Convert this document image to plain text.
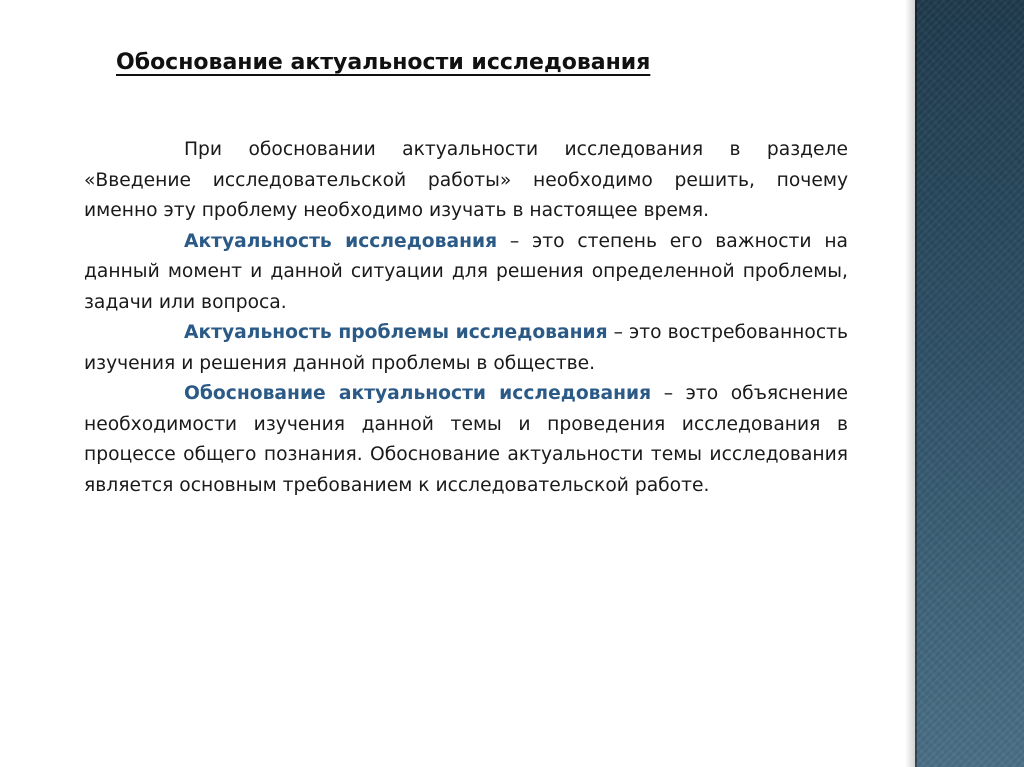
Обоснование актуальности исследования

При обосновании актуальности исследования в разделе «Введение исследовательской работы» необходимо решить, почему именно эту проблему необходимо изучать в настоящее время.

Актуальность исследования – это степень его важности на данный момент и данной ситуации для решения определенной проблемы, задачи или вопроса.

Актуальность проблемы исследования – это востребованность изучения и решения данной проблемы в обществе.

Обоснование актуальности исследования – это объяснение необходимости изучения данной темы и проведения исследования в процессе общего познания. Обоснование актуальности темы исследования является основным требованием к исследовательской работе.
